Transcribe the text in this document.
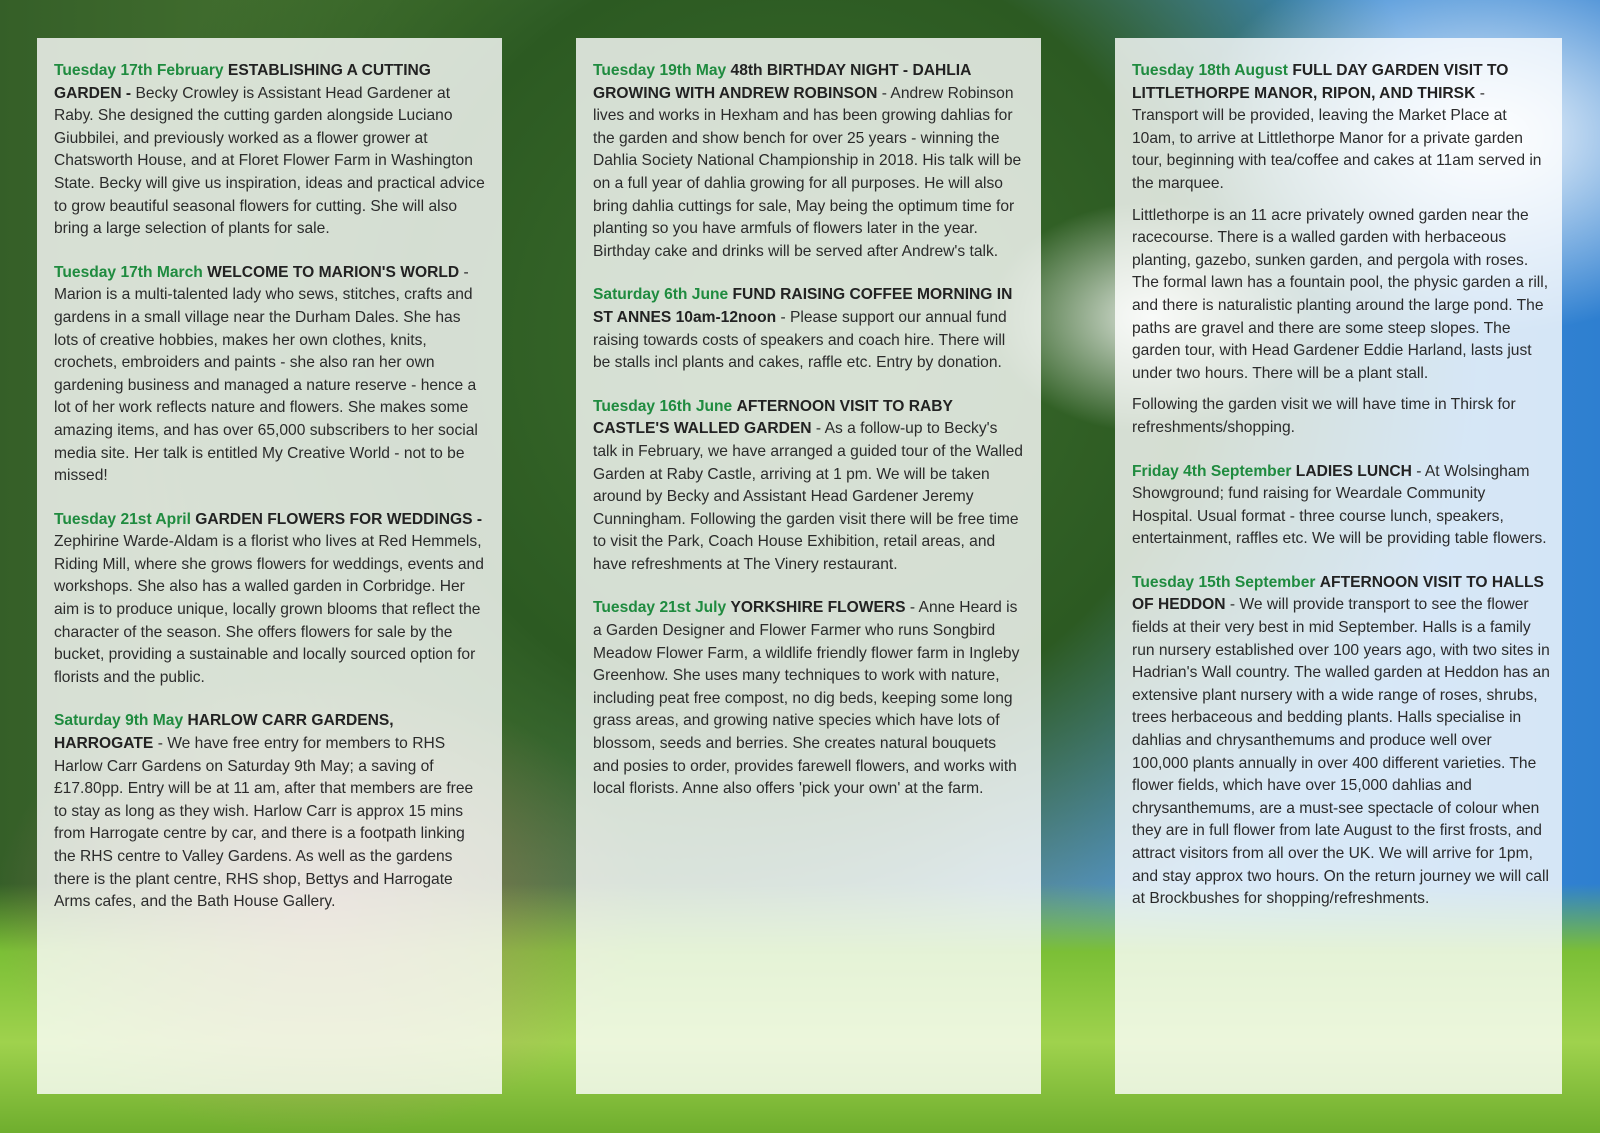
Tuesday 17th February ESTABLISHING A CUTTING GARDEN - Becky Crowley is Assistant Head Gardener at Raby. She designed the cutting garden alongside Luciano Giubbilei, and previously worked as a flower grower at Chatsworth House, and at Floret Flower Farm in Washington State. Becky will give us inspiration, ideas and practical advice to grow beautiful seasonal flowers for cutting. She will also bring a large selection of plants for sale.
Tuesday 17th March WELCOME TO MARION'S WORLD - Marion is a multi-talented lady who sews, stitches, crafts and gardens in a small village near the Durham Dales. She has lots of creative hobbies, makes her own clothes, knits, crochets, embroiders and paints - she also ran her own gardening business and managed a nature reserve - hence a lot of her work reflects nature and flowers. She makes some amazing items, and has over 65,000 subscribers to her social media site. Her talk is entitled My Creative World - not to be missed!
Tuesday 21st April GARDEN FLOWERS FOR WEDDINGS - Zephirine Warde-Aldam is a florist who lives at Red Hemmels, Riding Mill, where she grows flowers for weddings, events and workshops. She also has a walled garden in Corbridge. Her aim is to produce unique, locally grown blooms that reflect the character of the season. She offers flowers for sale by the bucket, providing a sustainable and locally sourced option for florists and the public.
Saturday 9th May HARLOW CARR GARDENS, HARROGATE - We have free entry for members to RHS Harlow Carr Gardens on Saturday 9th May; a saving of £17.80pp. Entry will be at 11 am, after that members are free to stay as long as they wish. Harlow Carr is approx 15 mins from Harrogate centre by car, and there is a footpath linking the RHS centre to Valley Gardens. As well as the gardens there is the plant centre, RHS shop, Bettys and Harrogate Arms cafes, and the Bath House Gallery.
Tuesday 19th May 48th BIRTHDAY NIGHT - DAHLIA GROWING WITH ANDREW ROBINSON - Andrew Robinson lives and works in Hexham and has been growing dahlias for the garden and show bench for over 25 years - winning the Dahlia Society National Championship in 2018. His talk will be on a full year of dahlia growing for all purposes. He will also bring dahlia cuttings for sale, May being the optimum time for planting so you have armfuls of flowers later in the year. Birthday cake and drinks will be served after Andrew's talk.
Saturday 6th June FUND RAISING COFFEE MORNING IN ST ANNES 10am-12noon - Please support our annual fund raising towards costs of speakers and coach hire. There will be stalls incl plants and cakes, raffle etc. Entry by donation.
Tuesday 16th June AFTERNOON VISIT TO RABY CASTLE'S WALLED GARDEN - As a follow-up to Becky's talk in February, we have arranged a guided tour of the Walled Garden at Raby Castle, arriving at 1 pm. We will be taken around by Becky and Assistant Head Gardener Jeremy Cunningham. Following the garden visit there will be free time to visit the Park, Coach House Exhibition, retail areas, and have refreshments at The Vinery restaurant.
Tuesday 21st July YORKSHIRE FLOWERS - Anne Heard is a Garden Designer and Flower Farmer who runs Songbird Meadow Flower Farm, a wildlife friendly flower farm in Ingleby Greenhow. She uses many techniques to work with nature, including peat free compost, no dig beds, keeping some long grass areas, and growing native species which have lots of blossom, seeds and berries. She creates natural bouquets and posies to order, provides farewell flowers, and works with local florists. Anne also offers 'pick your own' at the farm.
Tuesday 18th August FULL DAY GARDEN VISIT TO LITTLETHORPE MANOR, RIPON, AND THIRSK - Transport will be provided, leaving the Market Place at 10am, to arrive at Littlethorpe Manor for a private garden tour, beginning with tea/coffee and cakes at 11am served in the marquee.
Littlethorpe is an 11 acre privately owned garden near the racecourse. There is a walled garden with herbaceous planting, gazebo, sunken garden, and pergola with roses. The formal lawn has a fountain pool, the physic garden a rill, and there is naturalistic planting around the large pond. The paths are gravel and there are some steep slopes. The garden tour, with Head Gardener Eddie Harland, lasts just under two hours. There will be a plant stall.
Following the garden visit we will have time in Thirsk for refreshments/shopping.
Friday 4th September LADIES LUNCH - At Wolsingham Showground; fund raising for Weardale Community Hospital. Usual format - three course lunch, speakers, entertainment, raffles etc. We will be providing table flowers.
Tuesday 15th September AFTERNOON VISIT TO HALLS OF HEDDON - We will provide transport to see the flower fields at their very best in mid September. Halls is a family run nursery established over 100 years ago, with two sites in Hadrian's Wall country. The walled garden at Heddon has an extensive plant nursery with a wide range of roses, shrubs, trees herbaceous and bedding plants. Halls specialise in dahlias and chrysanthemums and produce well over 100,000 plants annually in over 400 different varieties. The flower fields, which have over 15,000 dahlias and chrysanthemums, are a must-see spectacle of colour when they are in full flower from late August to the first frosts, and attract visitors from all over the UK. We will arrive for 1pm, and stay approx two hours. On the return journey we will call at Brockbushes for shopping/refreshments.
